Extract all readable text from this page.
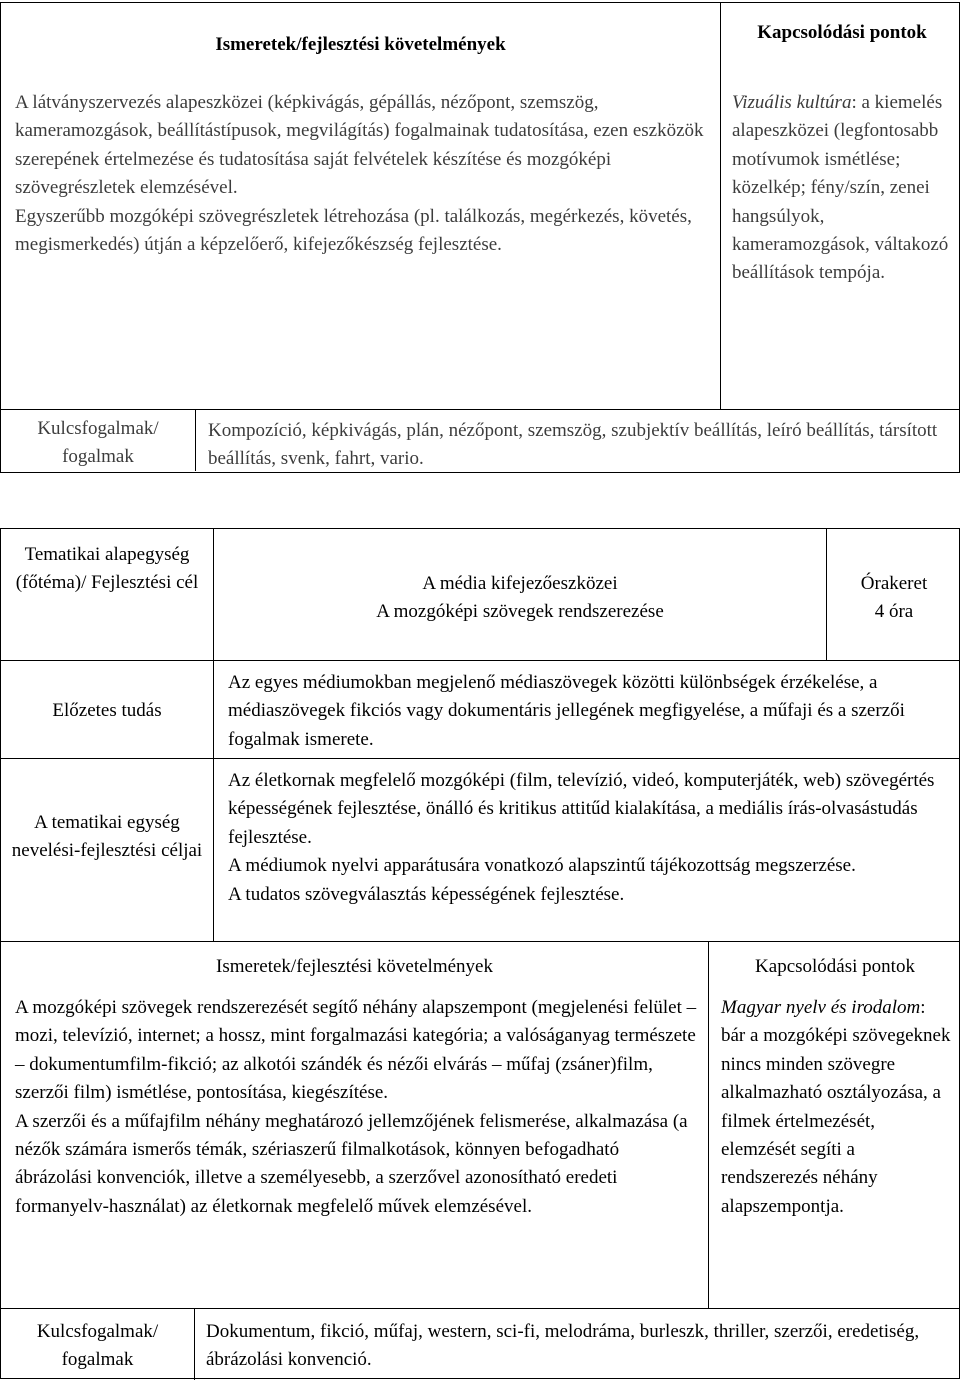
Ismeretek/fejlesztési követelmények
Kapcsolódási pontok

A látványszervezés alapeszközei (képkivágás, gépállás, nézőpont, szemszög, kameramozgások, beállítástípusok, megvilágítás) fogalmainak tudatosítása, ezen eszközök szerepének értelmezése és tudatosítása saját felvételek készítése és mozgóképi szövegrészletek elemzésével.

Egyszerűbb mozgóképi szövegrészletek létrehozása (pl. találkozás, megérkezés, követés, megismerkedés) útján a képzelőerő, kifejezőkészség fejlesztése.

Vizuális kultúra: a kiemelés alapeszközei (legfontosabb motívumok ismétlése; közelkép; fény/szín, zenei hangsúlyok, kameramozgások, váltakozó beállítások tempója.
Kulcsfogalmak/ fogalmak
Kompozíció, képkivágás, plán, nézőpont, szemszög, szubjektív beállítás, leíró beállítás, társított beállítás, svenk, fahrt, vario.
Tematikai alapegység (főtéma)/ Fejlesztési cél	A média kifejezőeszközei

A mozgóképi szövegek rendszerezése

Órakeret

4 óra

Előzetes tudás
Az egyes médiumokban megjelenő médiaszövegek közötti különbségek érzékelése, a médiaszövegek fikciós vagy dokumentáris jellegének megfigyelése, a műfaji és a szerzői fogalmak ismerete.
A tematikai egység nevelési-fejlesztési céljai

Az életkornak megfelelő mozgóképi (film, televízió, videó, komputerjáték, web) szövegértés képességének fejlesztése, önálló és kritikus attitűd kialakítása, a mediális írás-olvasástudás fejlesztése.

A médiumok nyelvi apparátusára vonatkozó alapszintű tájékozottság megszerzése.

A tudatos szövegválasztás képességének fejlesztése.

Ismeretek/fejlesztési követelmények	Kapcsolódási pontok

A mozgóképi szövegek rendszerezését segítő néhány alapszempont (megjelenési felület – mozi, televízió, internet; a hossz, mint forgalmazási kategória; a valóságanyag természete – dokumentumfilm-fikció; az alkotói szándék és nézői elvárás – műfaj (zsáner)film, szerzői film) ismétlése, pontosítása, kiegészítése.

A szerzői és a műfajfilm néhány meghatározó jellemzőjének felismerése, alkalmazása (a nézők számára ismerős témák, szériaszerű filmalkotások, könnyen befogadható ábrázolási konvenciók, illetve a személyesebb, a szerzővel azonosítható eredeti formanyelv-használat) az életkornak megfelelő művek elemzésével.

Magyar nyelv és irodalom: bár a mozgóképi szövegeknek nincs minden szövegre alkalmazható osztályozása, a filmek értelmezését, elemzését segíti a rendszerezés néhány alapszempontja.
Kulcsfogalmak/ fogalmak
Dokumentum, fikció, műfaj, western, sci-fi, melodráma, burleszk, thriller, szerzői, eredetiség, ábrázolási konvenció.
